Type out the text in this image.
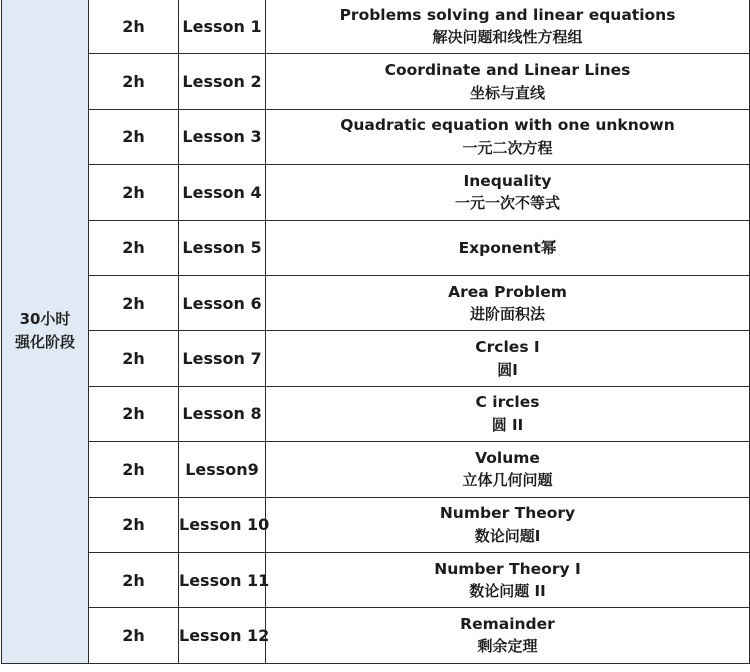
30小时
强化阶段	2h	Lesson 1	Problems solving and linear equations
解决问题和线性方程组

	2h	Lesson 2	Coordinate and Linear Lines
坐标与直线

	2h	Lesson 3	Quadratic equation with one unknown
一元二次方程

	2h	Lesson 4	Inequality
一元一次不等式

	2h	Lesson 5	Exponent幂

	2h	Lesson 6	Area Problem
进阶面积法

	2h	Lesson 7	Crcles I
圆I

	2h	Lesson 8	C ircles
圆 II

	2h	Lesson9	Volume
立体几何问题

	2h	Lesson 10	Number Theory
数论问题I

	2h	Lesson 11	Number Theory I
数论问题 II

	2h	Lesson 12	Remainder
剩余定理
